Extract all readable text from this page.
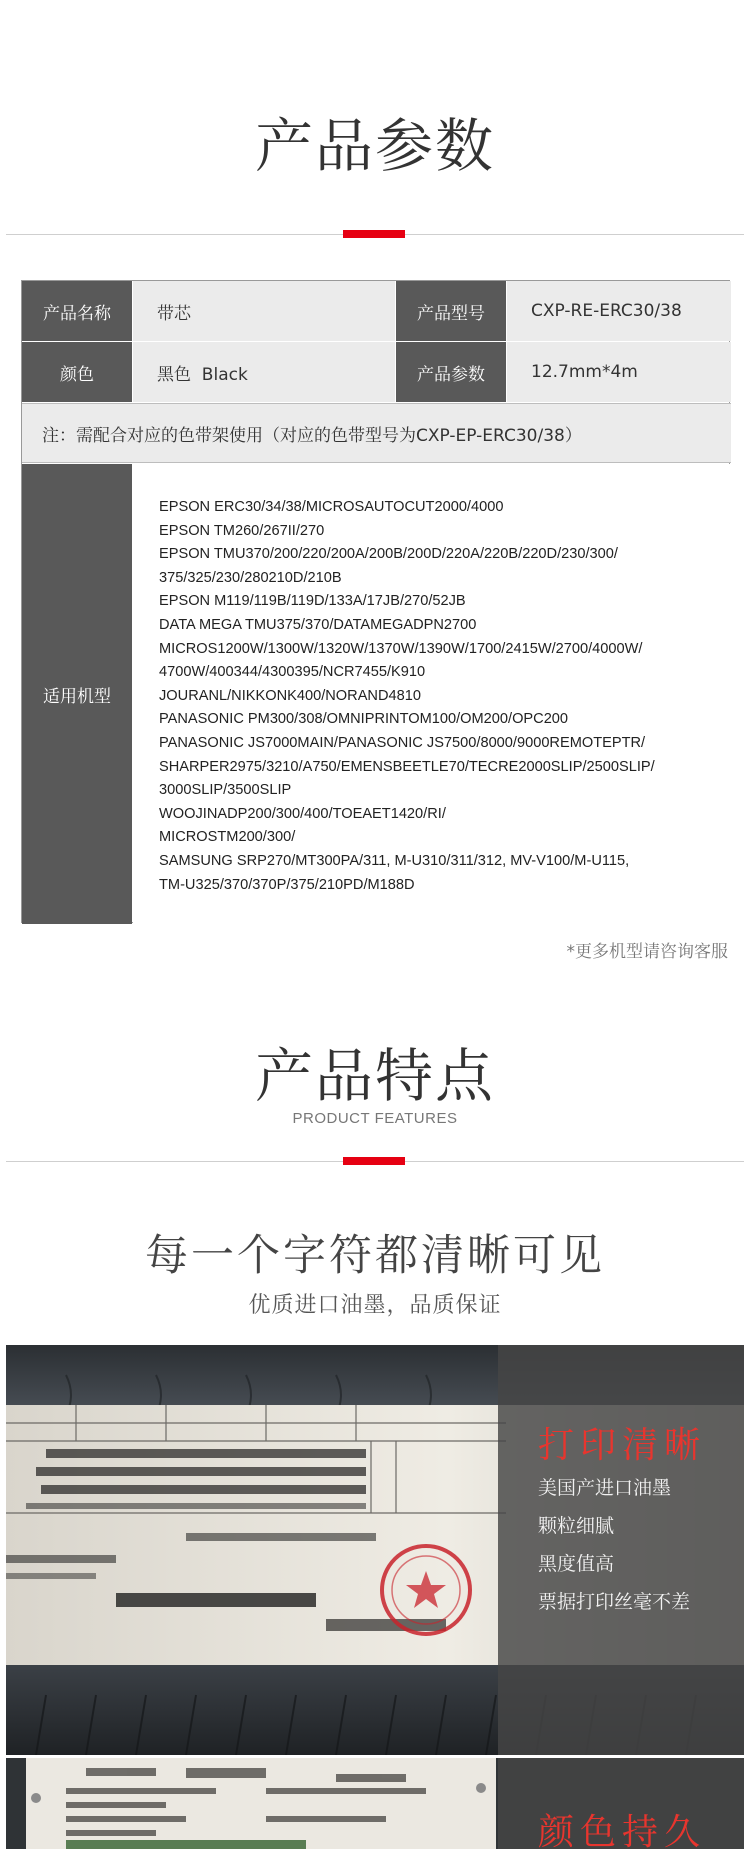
产品参数
产品名称	带芯	产品型号	CXP-RE-ERC30/38
颜色	黑色  Black	产品参数	12.7mm*4m
注：需配合对应的色带架使用（对应的色带型号为CXP-EP-ERC30/38）
适用机型
EPSON ERC30/34/38/MICROSAUTOCUT2000/4000
EPSON TM260/267II/270
EPSON TMU370/200/220/200A/200B/200D/220A/220B/220D/230/300/
375/325/230/280210D/210B
EPSON M119/119B/119D/133A/17JB/270/52JB
DATA MEGA TMU375/370/DATAMEGADPN2700
MICROS1200W/1300W/1320W/1370W/1390W/1700/2415W/2700/4000W/
4700W/400344/4300395/NCR7455/K910
JOURANL/NIKKONK400/NORAND4810
PANASONIC PM300/308/OMNIPRINTOM100/OM200/OPC200
PANASONIC JS7000MAIN/PANASONIC JS7500/8000/9000REMOTEPTR/
SHARPER2975/3210/A750/EMENSBEETLE70/TECRE2000SLIP/2500SLIP/
3000SLIP/3500SLIP
WOOJINADP200/300/400/TOEAET1420/RI/
MICROSTM200/300/
SAMSUNG SRP270/MT300PA/311, M-U310/311/312, MV-V100/M-U115,
TM-U325/370/370P/375/210PD/M188D
*更多机型请咨询客服
产品特点
PRODUCT FEATURES
每一个字符都清晰可见
优质进口油墨，品质保证
打印清晰
美国产进口油墨
颗粒细腻
黑度值高
票据打印丝毫不差
颜色持久
